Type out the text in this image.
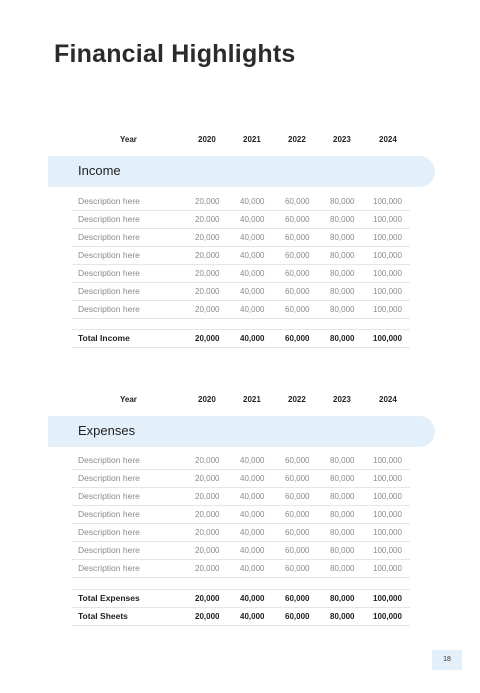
Financial Highlights
Year	2020	2021	2022	2023	2024
Income
Description here	20,000	40,000	60,000	80,000 100,000
Description here	20,000	40,000	60,000	80,000 100,000
Description here	20,000	40,000	60,000	80,000 100,000
Description here	20,000	40,000	60,000	80,000 100,000
Description here	20,000	40,000	60,000	80,000 100,000
Description here	20,000	40,000	60,000	80,000 100,000
Description here	20,000	40,000	60,000	80,000 100,000
Total Income	20,000	40,000	60,000	80,000 100,000
Year	2020	2021	2022	2023	2024
Expenses
Description here	20,000	40,000	60,000	80,000 100,000
Description here	20,000	40,000	60,000	80,000 100,000
Description here	20,000	40,000	60,000	80,000 100,000
Description here	20,000	40,000	60,000	80,000 100,000
Description here	20,000	40,000	60,000	80,000 100,000
Description here	20,000	40,000	60,000	80,000 100,000
Description here	20,000	40,000	60,000	80,000 100,000
Total Expenses	20,000	40,000	60,000	80,000 100,000
Total Sheets	20,000	40,000	60,000	80,000 100,000
18
